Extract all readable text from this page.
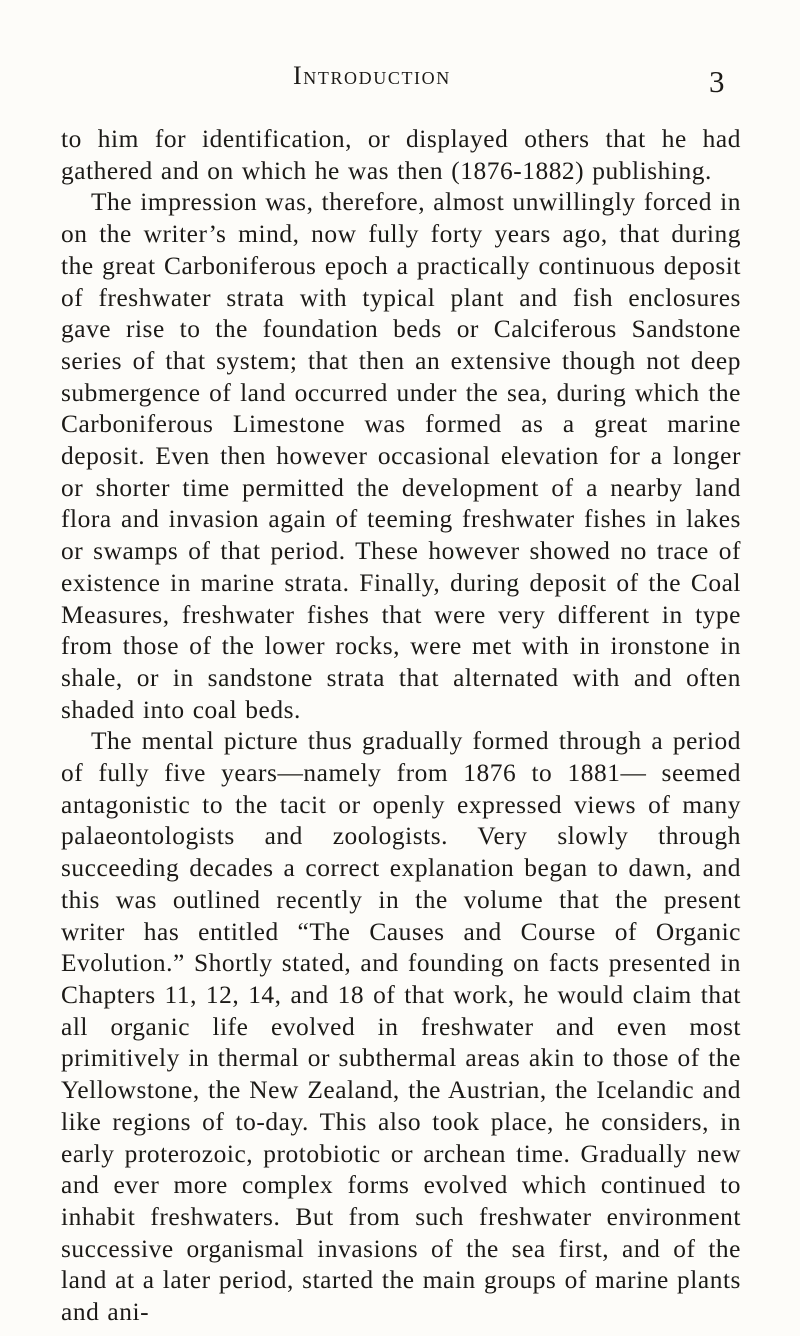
Introduction	3

to him for identification, or displayed others that he had gathered and on which he was then (1876-1882) publishing.

The impression was, therefore, almost unwillingly forced in on the writer’s mind, now fully forty years ago, that during the great Carboniferous epoch a practically continuous deposit of freshwater strata with typical plant and fish enclosures gave rise to the foundation beds or Calciferous Sandstone series of that system; that then an extensive though not deep submergence of land occurred under the sea, during which the Carboniferous Limestone was formed as a great marine deposit. Even then however occasional elevation for a longer or shorter time permitted the development of a nearby land flora and invasion again of teeming freshwater fishes in lakes or swamps of that period. These however showed no trace of existence in marine strata. Finally, during deposit of the Coal Measures, freshwater fishes that were very different in type from those of the lower rocks, were met with in ironstone in shale, or in sandstone strata that alternated with and often shaded into coal beds.

The mental picture thus gradually formed through a period of fully five years—namely from 1876 to 1881— seemed antagonistic to the tacit or openly expressed views of many palaeontologists and zoologists. Very slowly through succeeding decades a correct explanation began to dawn, and this was outlined recently in the volume that the present writer has entitled “The Causes and Course of Organic Evolution.” Shortly stated, and founding on facts presented in Chapters 11, 12, 14, and 18 of that work, he would claim that all organic life evolved in freshwater and even most primitively in thermal or subthermal areas akin to those of the Yellowstone, the New Zealand, the Austrian, the Icelandic and like regions of to-day. This also took place, he considers, in early proterozoic, protobiotic or archean time. Gradually new and ever more complex forms evolved which continued to inhabit freshwaters. But from such freshwater environment successive organismal invasions of the sea first, and of the land at a later period, started the main groups of marine plants and ani-
